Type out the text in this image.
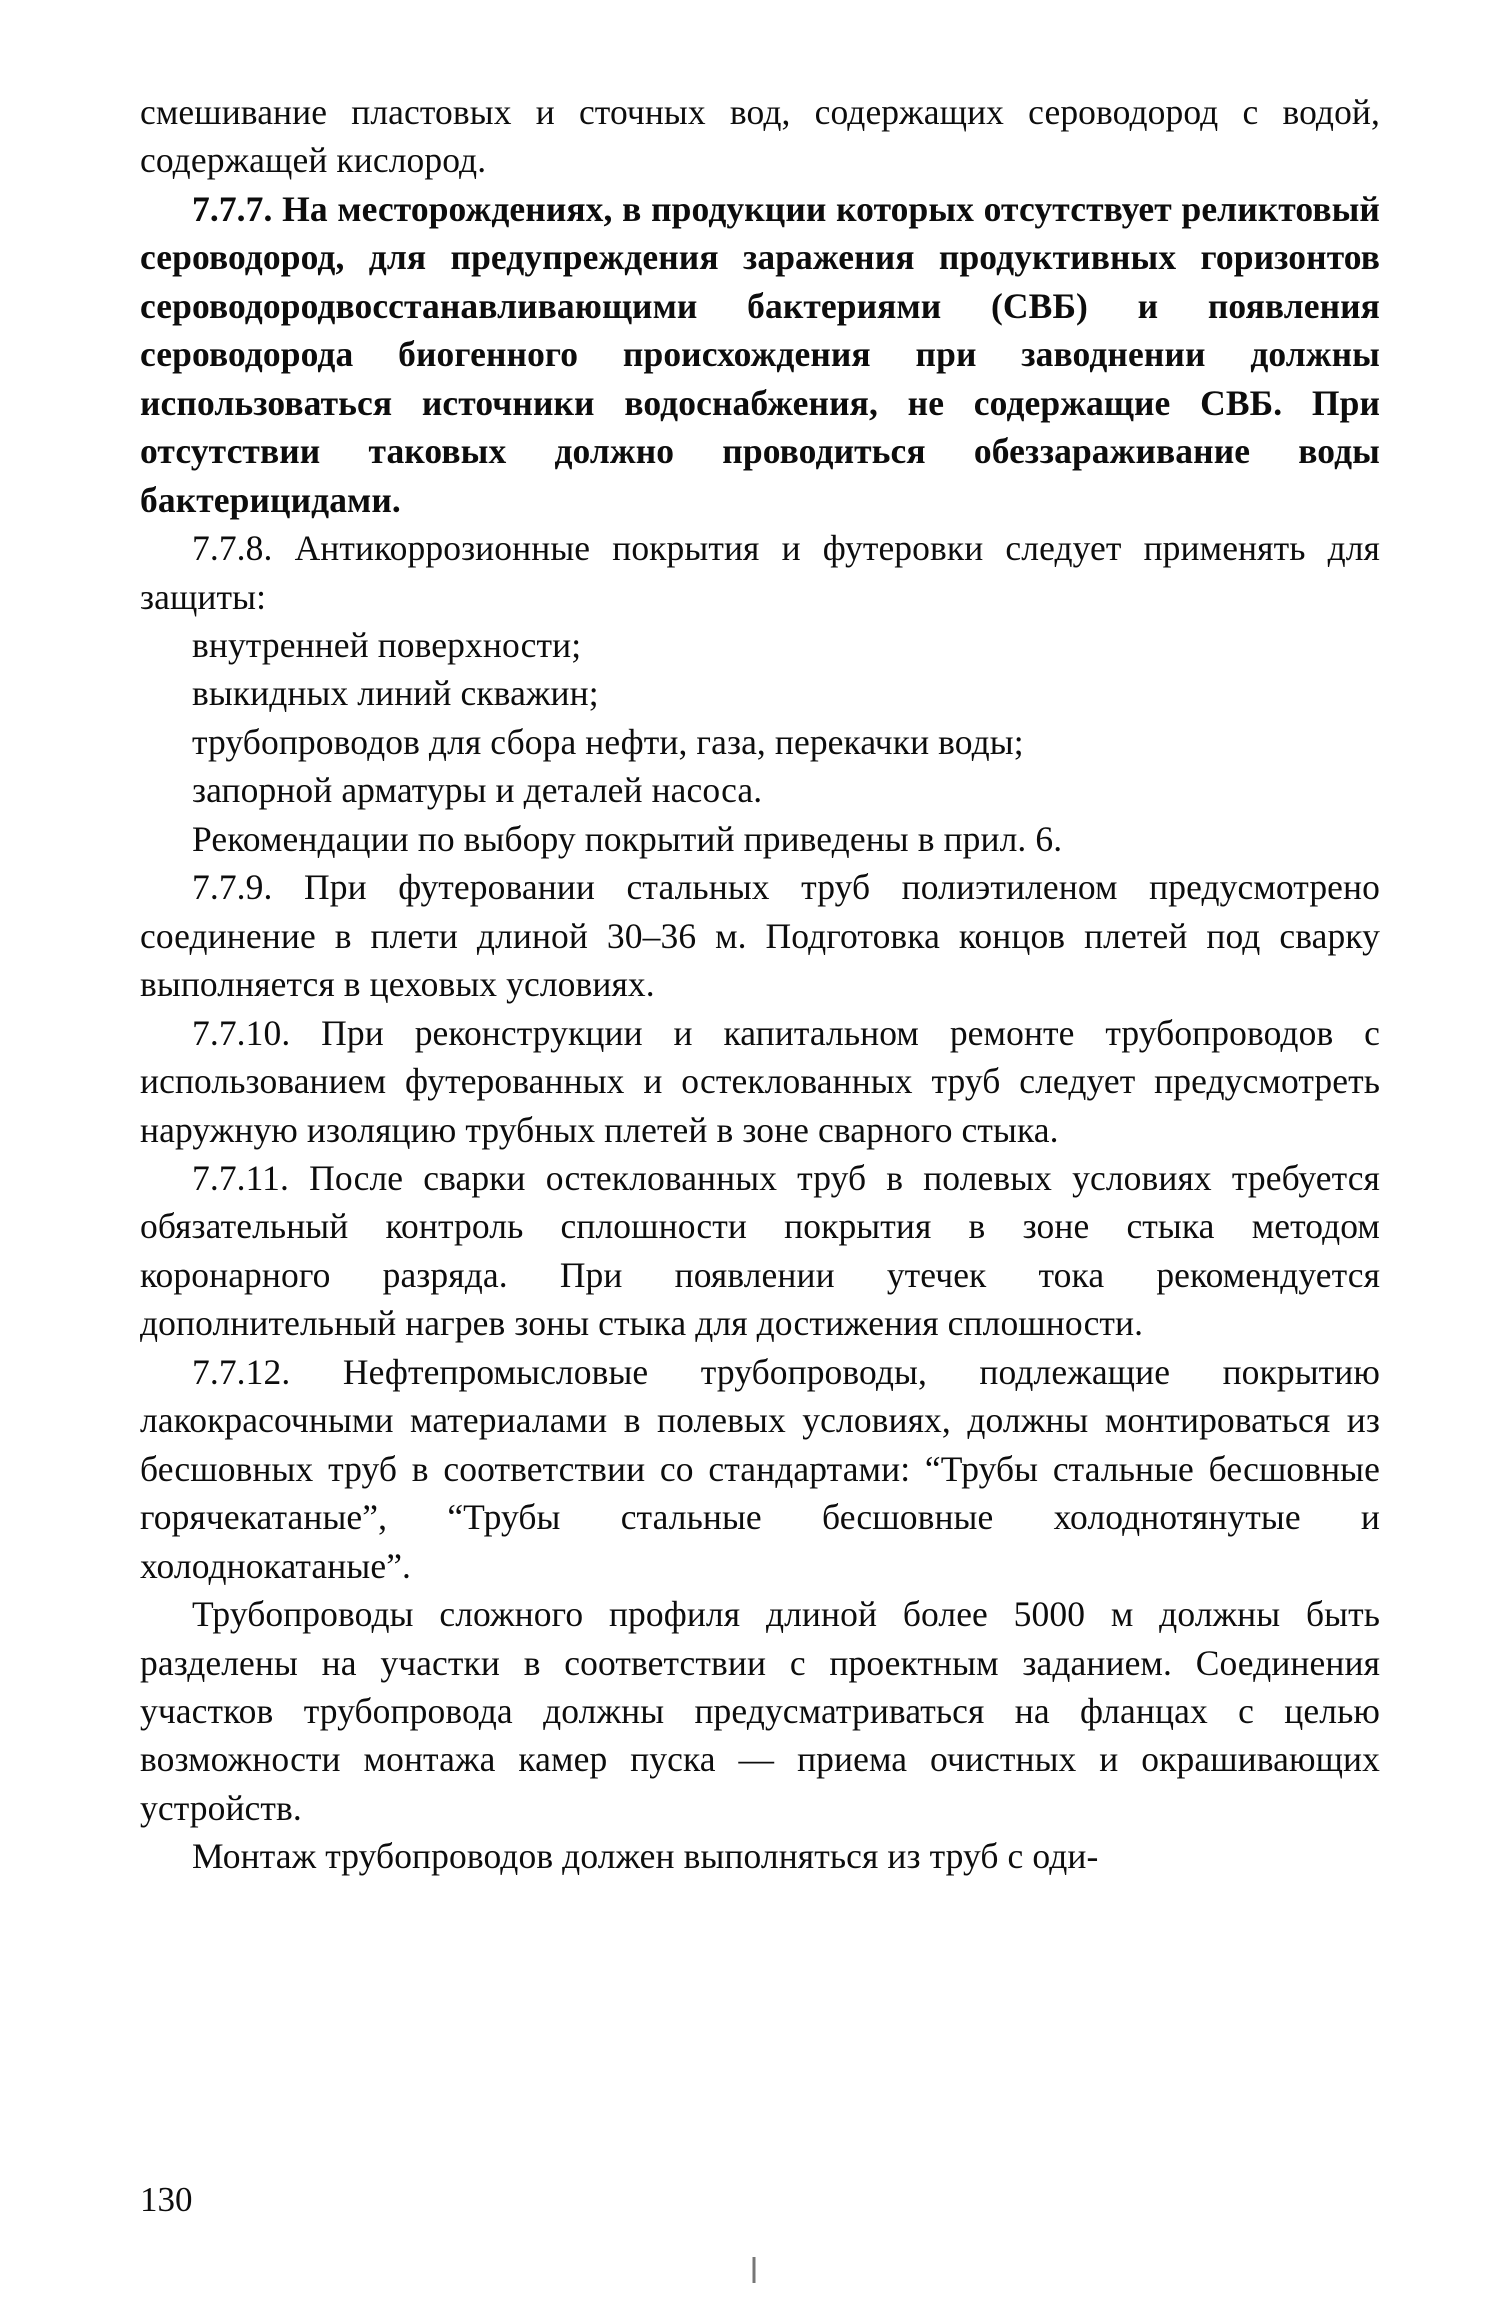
смешивание пластовых и сточных вод, содержащих сероводород с водой, содержащей кислород.

7.7.7. На месторождениях, в продукции которых отсутствует реликтовый сероводород, для предупреждения заражения продуктивных горизонтов сероводородвосстанавливающими бактериями (СВБ) и появления сероводорода биогенного происхождения при заводнении должны использоваться источники водоснабжения, не содержащие СВБ. При отсутствии таковых должно проводиться обеззараживание воды бактерицидами.

7.7.8. Антикоррозионные покрытия и футеровки следует применять для защиты:

внутренней поверхности;

выкидных линий скважин;

трубопроводов для сбора нефти, газа, перекачки воды;

запорной арматуры и деталей насоса.

Рекомендации по выбору покрытий приведены в прил. 6.

7.7.9. При футеровании стальных труб полиэтиленом предусмотрено соединение в плети длиной 30–36 м. Подготовка концов плетей под сварку выполняется в цеховых условиях.

7.7.10. При реконструкции и капитальном ремонте трубопроводов с использованием футерованных и остеклованных труб следует предусмотреть наружную изоляцию трубных плетей в зоне сварного стыка.

7.7.11. После сварки остеклованных труб в полевых условиях требуется обязательный контроль сплошности покрытия в зоне стыка методом коронарного разряда. При появлении утечек тока рекомендуется дополнительный нагрев зоны стыка для достижения сплошности.

7.7.12. Нефтепромысловые трубопроводы, подлежащие покрытию лакокрасочными материалами в полевых условиях, должны монтироваться из бесшовных труб в соответствии со стандартами: “Трубы стальные бесшовные горячекатаные”, “Трубы стальные бесшовные холоднотянутые и холоднокатаные”.

Трубопроводы сложного профиля длиной более 5000 м должны быть разделены на участки в соответствии с проектным заданием. Соединения участков трубопровода должны предусматриваться на фланцах с целью возможности монтажа камер пуска — приема очистных и окрашивающих устройств.

Монтаж трубопроводов должен выполняться из труб с оди-

130
